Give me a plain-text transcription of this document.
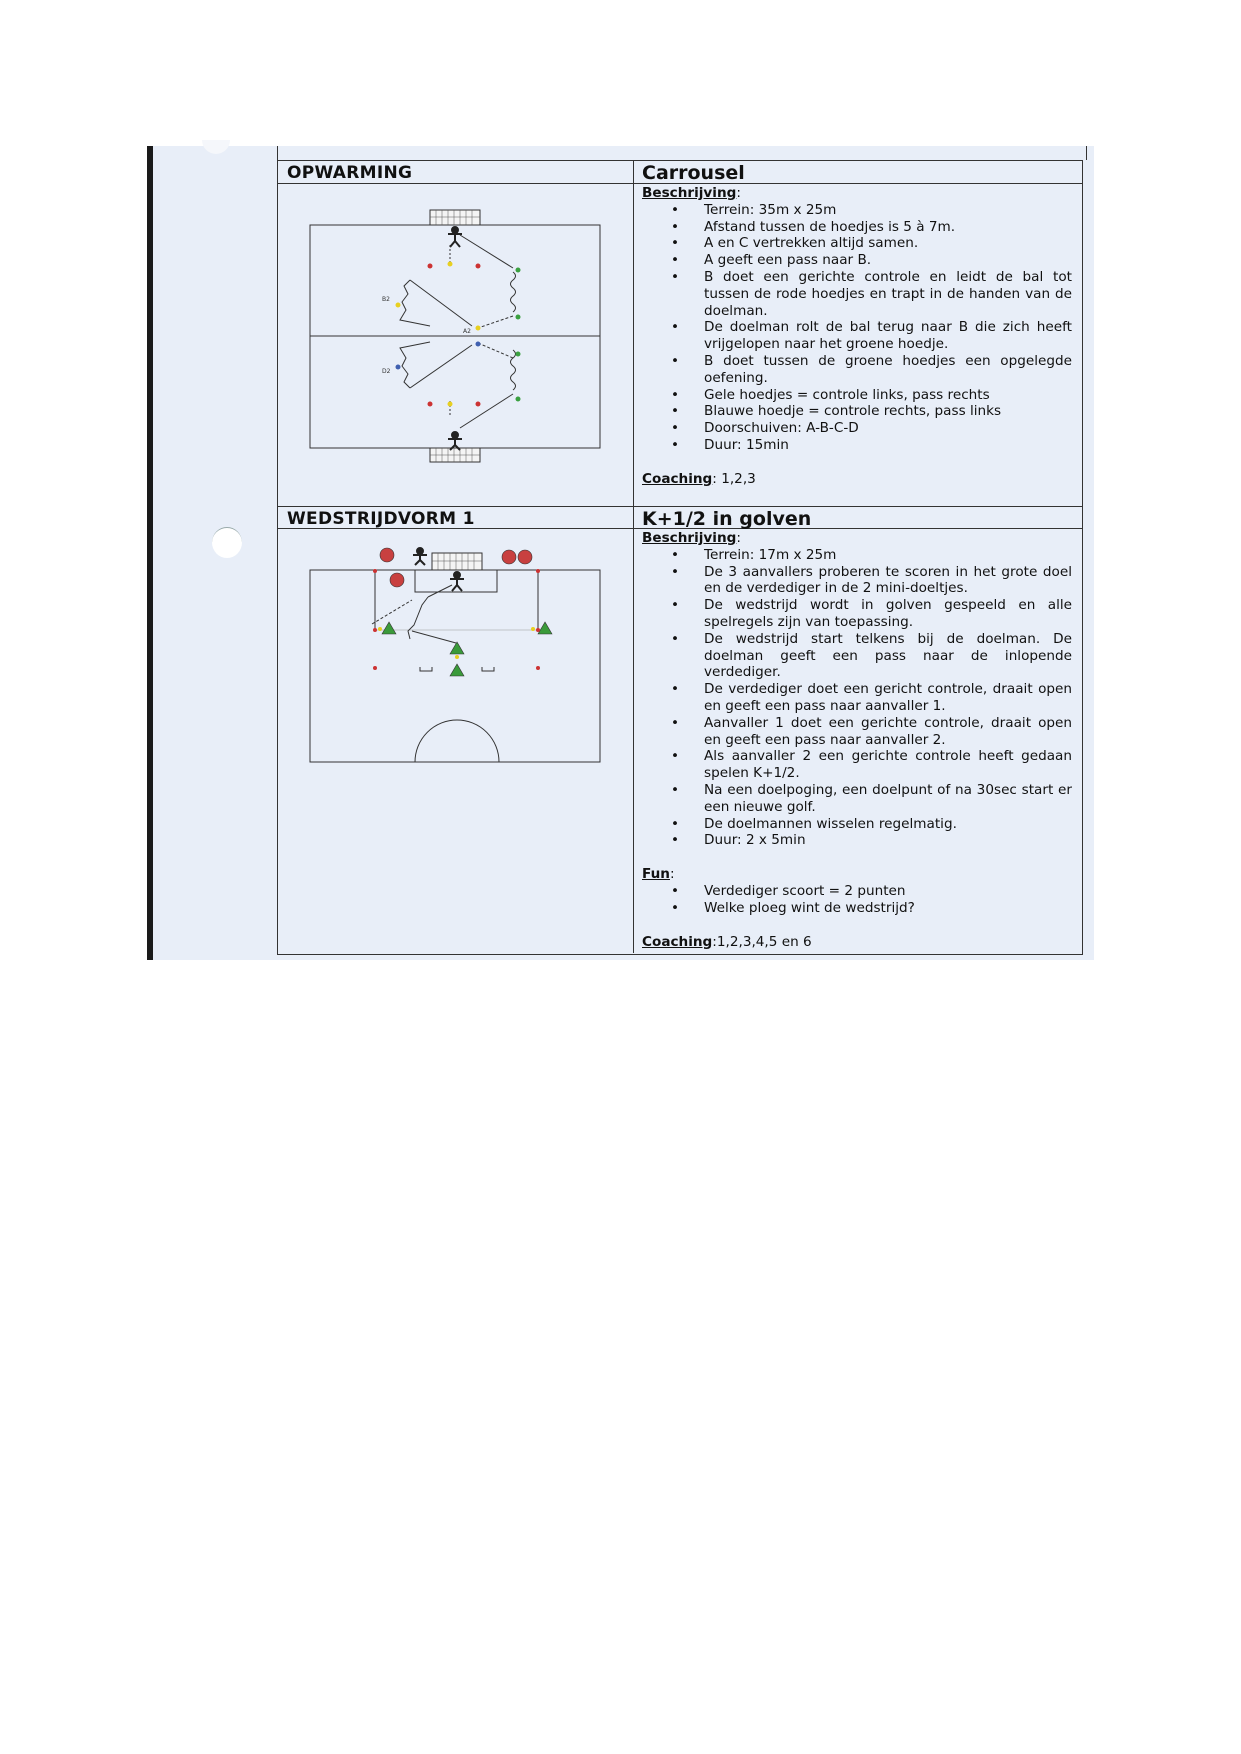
OPWARMING	Carrousel
Beschrijving:
• Terrein: 35m x 25m
• Afstand tussen de hoedjes is 5 à 7m.
• A en C vertrekken altijd samen.
• A geeft een pass naar B.
• B doet een gerichte controle en leidt de bal tot tussen de rode hoedjes en trapt in de handen van de doelman.
• De doelman rolt de bal terug naar B die zich heeft vrijgelopen naar het groene hoedje.
• B doet tussen de groene hoedjes een opgelegde oefening.
• Gele hoedjes = controle links, pass rechts
• Blauwe hoedje = controle rechts, pass links
• Doorschuiven: A-B-C-D
• Duur: 15min
Coaching: 1,2,3
B2
A2
D2
WEDSTRIJDVORM 1	K+1/2 in golven
Beschrijving:
• Terrein: 17m x 25m
• De 3 aanvallers proberen te scoren in het grote doel en de verdediger in de 2 mini-doeltjes.
• De wedstrijd wordt in golven gespeeld en alle spelregels zijn van toepassing.
• De wedstrijd start telkens bij de doelman. De doelman geeft een pass naar de inlopende verdediger.
• De verdediger doet een gericht controle, draait open en geeft een pass naar aanvaller 1.
• Aanvaller 1 doet een gerichte controle, draait open en geeft een pass naar aanvaller 2.
• Als aanvaller 2 een gerichte controle heeft gedaan spelen K+1/2.
• Na een doelpoging, een doelpunt of na 30sec start er een nieuwe golf.
• De doelmannen wisselen regelmatig.
• Duur: 2 x 5min
Fun:
• Verdediger scoort = 2 punten
• Welke ploeg wint de wedstrijd?
Coaching:1,2,3,4,5 en 6
